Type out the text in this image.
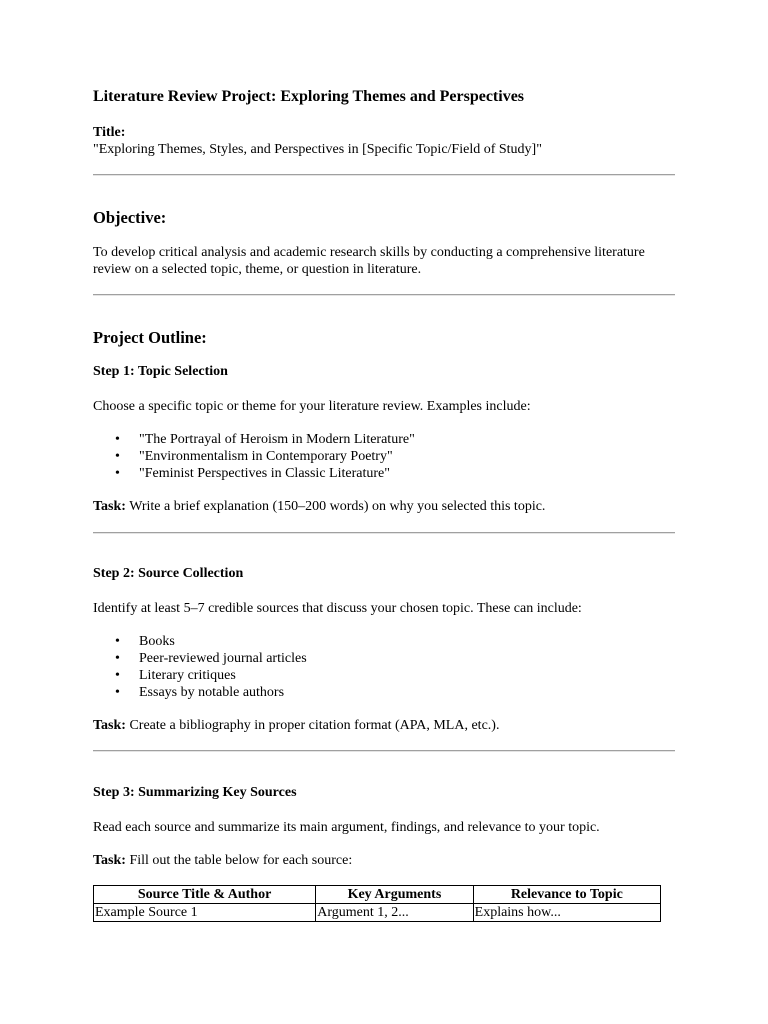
Literature Review Project: Exploring Themes and Perspectives
Title:
"Exploring Themes, Styles, and Perspectives in [Specific Topic/Field of Study]"
Objective:
To develop critical analysis and academic research skills by conducting a comprehensive literature review on a selected topic, theme, or question in literature.
Project Outline:
Step 1: Topic Selection
Choose a specific topic or theme for your literature review. Examples include:
• "The Portrayal of Heroism in Modern Literature"
• "Environmentalism in Contemporary Poetry"
• "Feminist Perspectives in Classic Literature"
Task: Write a brief explanation (150–200 words) on why you selected this topic.
Step 2: Source Collection
Identify at least 5–7 credible sources that discuss your chosen topic. These can include:
• Books
• Peer-reviewed journal articles
• Literary critiques
• Essays by notable authors
Task: Create a bibliography in proper citation format (APA, MLA, etc.).
Step 3: Summarizing Key Sources
Read each source and summarize its main argument, findings, and relevance to your topic.
Task: Fill out the table below for each source:
Source Title & Author	Key Arguments	Relevance to Topic
Example Source 1	Argument 1, 2...	Explains how...
